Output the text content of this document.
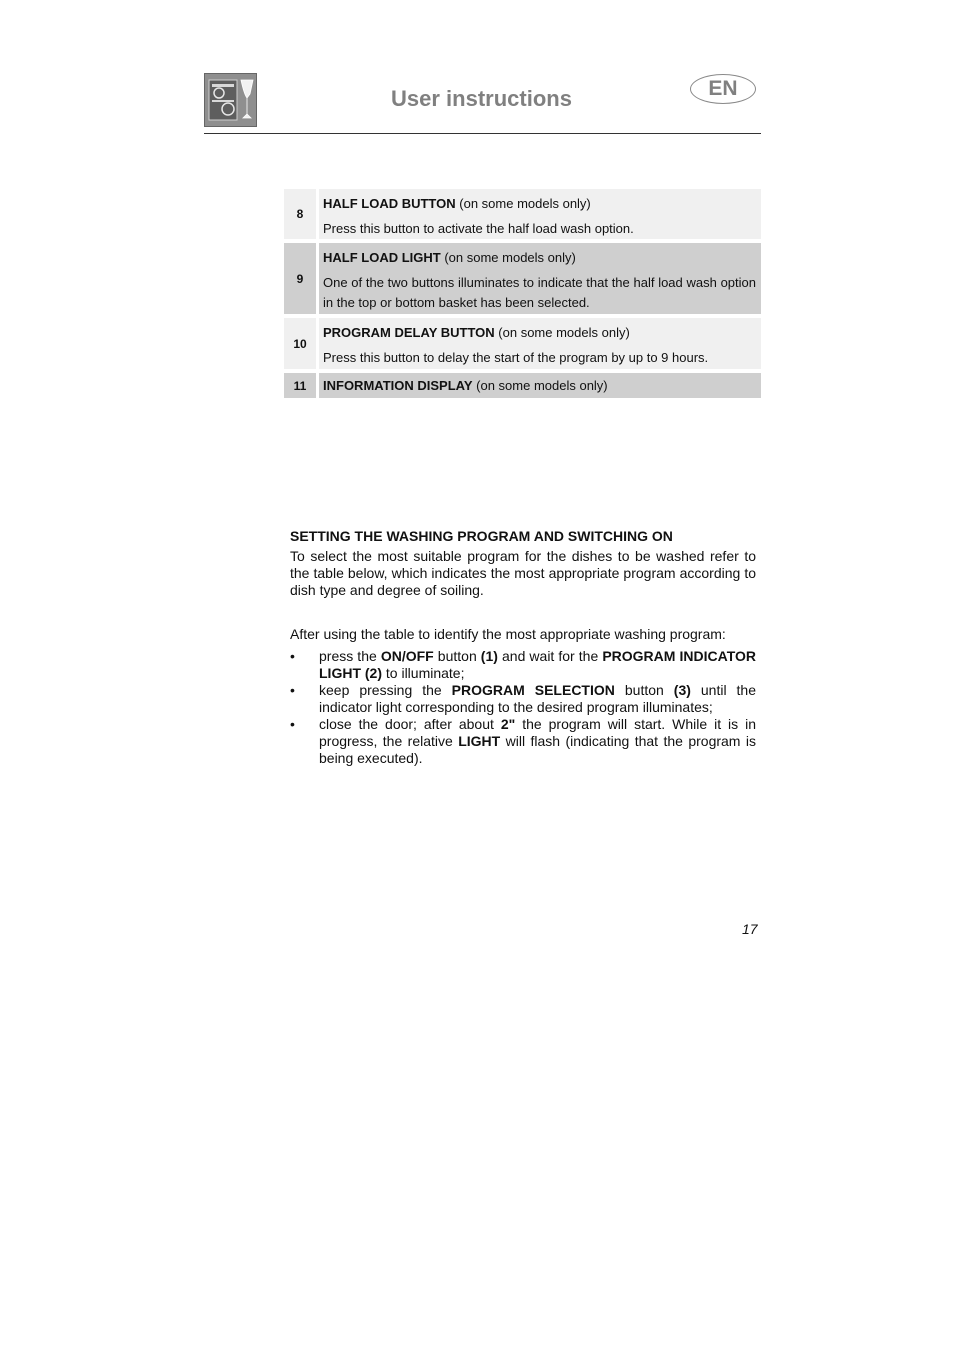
User instructions	EN
8

HALF LOAD BUTTON (on some models only)

Press this button to activate the half load wash option.

9

HALF LOAD LIGHT (on some models only)

One of the two buttons illuminates to indicate that the half load wash option in the top or bottom basket has been selected.

10

PROGRAM DELAY BUTTON (on some models only)

Press this button to delay the start of the program by up to 9 hours.

11	INFORMATION DISPLAY (on some models only)

SETTING THE WASHING PROGRAM AND SWITCHING ON

To select the most suitable program for the dishes to be washed refer to the table below, which indicates the most appropriate program according to dish type and degree of soiling.

After using the table to identify the most appropriate washing program:

• press the ON/OFF button (1) and wait for the PROGRAM INDICATOR LIGHT (2) to illuminate;
• keep pressing the PROGRAM SELECTION button (3) until the indicator light corresponding to the desired program illuminates;
• close the door; after about 2" the program will start. While it is in progress, the relative LIGHT will flash (indicating that the program is being executed).
17
